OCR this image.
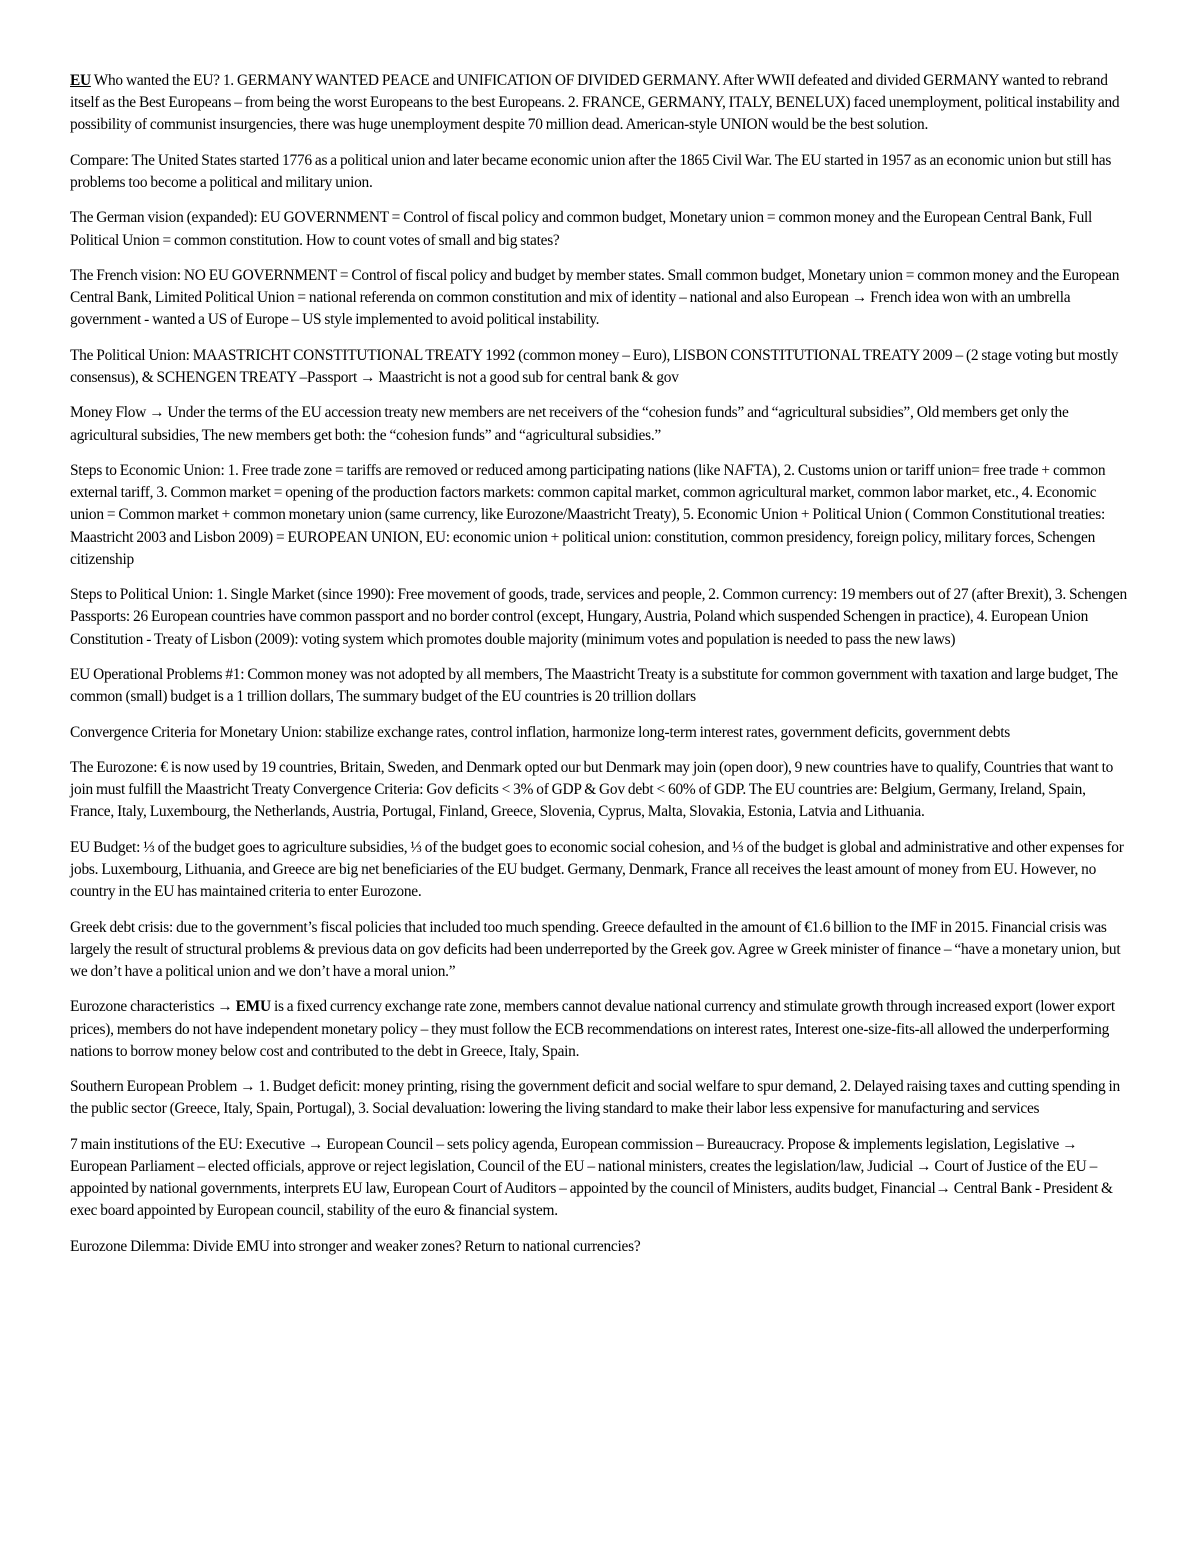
EU Who wanted the EU? 1. GERMANY WANTED PEACE and UNIFICATION OF DIVIDED GERMANY. After WWII defeated and divided GERMANY wanted to rebrand itself as the Best Europeans – from being the worst Europeans to the best Europeans. 2. FRANCE, GERMANY, ITALY, BENELUX) faced unemployment, political instability and possibility of communist insurgencies, there was huge unemployment despite 70 million dead. American-style UNION would be the best solution.

Compare: The United States started 1776 as a political union and later became economic union after the 1865 Civil War. The EU started in 1957 as an economic union but still has problems too become a political and military union.

The German vision (expanded): EU GOVERNMENT = Control of fiscal policy and common budget, Monetary union = common money and the European Central Bank, Full Political Union = common constitution. How to count votes of small and big states?

The French vision: NO EU GOVERNMENT = Control of fiscal policy and budget by member states. Small common budget, Monetary union = common money and the European Central Bank, Limited Political Union = national referenda on common constitution and mix of identity – national and also European → French idea won with an umbrella government - wanted a US of Europe – US style implemented to avoid political instability.

The Political Union: MAASTRICHT CONSTITUTIONAL TREATY 1992 (common money – Euro), LISBON CONSTITUTIONAL TREATY 2009 – (2 stage voting but mostly consensus), & SCHENGEN TREATY –Passport → Maastricht is not a good sub for central bank & gov

Money Flow → Under the terms of the EU accession treaty new members are net receivers of the “cohesion funds” and “agricultural subsidies”, Old members get only the agricultural subsidies, The new members get both: the “cohesion funds” and “agricultural subsidies.”

Steps to Economic Union: 1. Free trade zone = tariffs are removed or reduced among participating nations (like NAFTA), 2. Customs union or tariff union= free trade + common external tariff, 3. Common market = opening of the production factors markets: common capital market, common agricultural market, common labor market, etc., 4. Economic union = Common market + common monetary union (same currency, like Eurozone/Maastricht Treaty), 5. Economic Union + Political Union ( Common Constitutional treaties: Maastricht 2003 and Lisbon 2009) = EUROPEAN UNION, EU: economic union + political union: constitution, common presidency, foreign policy, military forces, Schengen citizenship

Steps to Political Union: 1. Single Market (since 1990): Free movement of goods, trade, services and people, 2. Common currency: 19 members out of 27 (after Brexit), 3. Schengen Passports: 26 European countries have common passport and no border control (except, Hungary, Austria, Poland which suspended Schengen in practice), 4. European Union Constitution - Treaty of Lisbon (2009): voting system which promotes double majority (minimum votes and population is needed to pass the new laws)

EU Operational Problems #1: Common money was not adopted by all members, The Maastricht Treaty is a substitute for common government with taxation and large budget, The common (small) budget is a 1 trillion dollars, The summary budget of the EU countries is 20 trillion dollars

Convergence Criteria for Monetary Union: stabilize exchange rates, control inflation, harmonize long-term interest rates, government deficits, government debts

The Eurozone: € is now used by 19 countries, Britain, Sweden, and Denmark opted our but Denmark may join (open door), 9 new countries have to qualify, Countries that want to join must fulfill the Maastricht Treaty Convergence Criteria: Gov deficits < 3% of GDP & Gov debt < 60% of GDP. The EU countries are: Belgium, Germany, Ireland, Spain, France, Italy, Luxembourg, the Netherlands, Austria, Portugal, Finland, Greece, Slovenia, Cyprus, Malta, Slovakia, Estonia, Latvia and Lithuania.

EU Budget: ⅓ of the budget goes to agriculture subsidies, ⅓ of the budget goes to economic social cohesion, and ⅓ of the budget is global and administrative and other expenses for jobs. Luxembourg, Lithuania, and Greece are big net beneficiaries of the EU budget. Germany, Denmark, France all receives the least amount of money from EU. However, no country in the EU has maintained criteria to enter Eurozone.

Greek debt crisis: due to the government’s fiscal policies that included too much spending. Greece defaulted in the amount of €1.6 billion to the IMF in 2015. Financial crisis was largely the result of structural problems & previous data on gov deficits had been underreported by the Greek gov. Agree w Greek minister of finance – “have a monetary union, but we don’t have a political union and we don’t have a moral union.”

Eurozone characteristics → EMU is a fixed currency exchange rate zone, members cannot devalue national currency and stimulate growth through increased export (lower export prices), members do not have independent monetary policy – they must follow the ECB recommendations on interest rates, Interest one-size-fits-all allowed the underperforming nations to borrow money below cost and contributed to the debt in Greece, Italy, Spain.

Southern European Problem → 1. Budget deficit: money printing, rising the government deficit and social welfare to spur demand, 2. Delayed raising taxes and cutting spending in the public sector (Greece, Italy, Spain, Portugal), 3. Social devaluation: lowering the living standard to make their labor less expensive for manufacturing and services

7 main institutions of the EU: Executive → European Council – sets policy agenda, European commission – Bureaucracy. Propose & implements legislation, Legislative → European Parliament – elected officials, approve or reject legislation, Council of the EU – national ministers, creates the legislation/law, Judicial → Court of Justice of the EU –appointed by national governments, interprets EU law, European Court of Auditors – appointed by the council of Ministers, audits budget, Financial→ Central Bank - President & exec board appointed by European council, stability of the euro & financial system.

Eurozone Dilemma: Divide EMU into stronger and weaker zones? Return to national currencies?
